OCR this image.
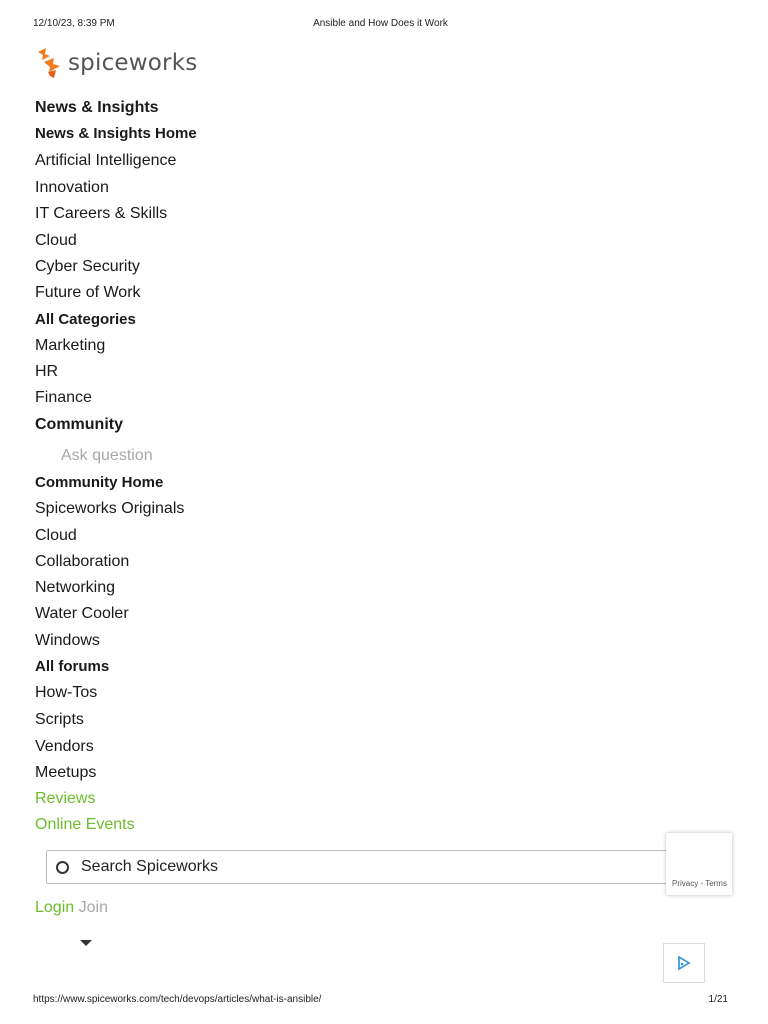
12/10/23, 8:39 PM	Ansible and How Does it Work
spiceworks
News & Insights
News & Insights Home
Artificial Intelligence
Innovation
IT Careers & Skills
Cloud
Cyber Security
Future of Work
All Categories
Marketing
HR
Finance
Community
Ask question
Community Home
Spiceworks Originals
Cloud
Collaboration
Networking
Water Cooler
Windows
All forums
How-Tos
Scripts
Vendors
Meetups
Reviews
Online Events
Search Spiceworks
Privacy - Terms
Login Join
https://www.spiceworks.com/tech/devops/articles/what-is-ansible/	1/21
